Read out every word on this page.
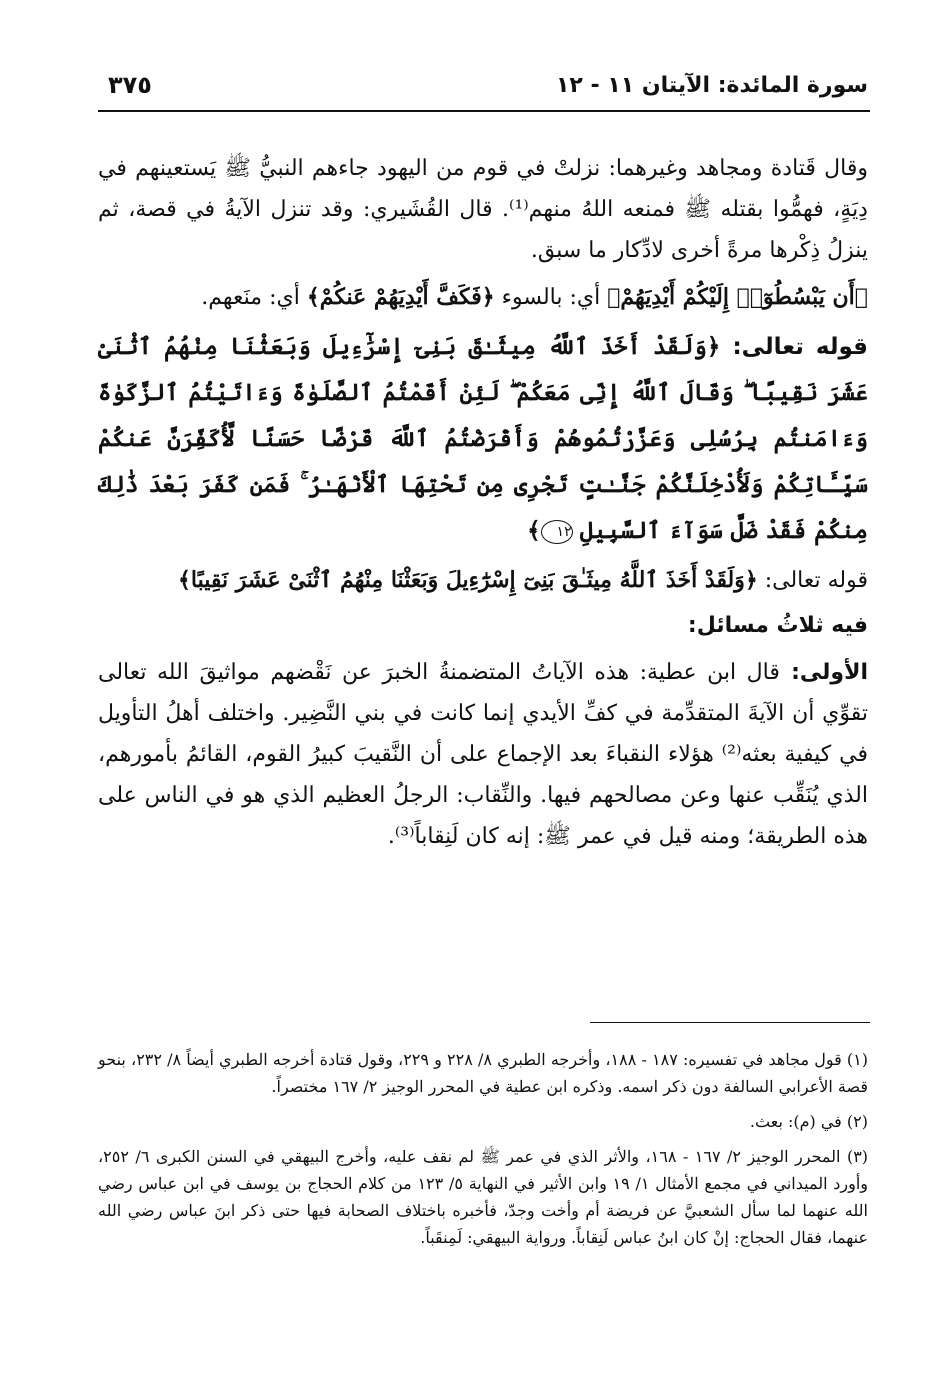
سورة المائدة: الآيتان ١١ - ١٢
٣٧٥

وقال قَتادة ومجاهد وغيرهما: نزلتْ في قوم من اليهود جاءهم النبيُّ ﷺ يَستعينهم في دِيَةٍ، فهمُّوا بقتله ﷺ فمنعه اللهُ منهم⁽¹⁾. قال القُشَيري: وقد تنزل الآيةُ في قصة، ثم ينزلُ ذِكْرها مرةً أخرى لادِّكار ما سبق.

﴿أَن يَبْسُطُوٓا۟ إِلَيْكُمْ أَيْدِيَهُمْ﴾ أي: بالسوء ﴿فَكَفَّ أَيْدِيَهُمْ عَنكُمْ﴾ أي: منَعهم.

قوله تعالى: ﴿وَلَقَدْ أَخَذَ ٱللَّهُ مِيثَـٰقَ بَنِىٓ إِسْرَٰٓءِيلَ وَبَعَثْنَا مِنْهُمُ ٱثْنَىْ عَشَرَ نَقِيبًا ۖ وَقَالَ ٱللَّهُ إِنِّى مَعَكُمْ ۖ لَئِنْ أَقَمْتُمُ ٱلصَّلَوٰةَ وَءَاتَيْتُمُ ٱلزَّكَوٰةَ وَءَامَنتُم بِرُسُلِى وَعَزَّرْتُمُوهُمْ وَأَقْرَضْتُمُ ٱللَّهَ قَرْضًا حَسَنًا لَّأُكَفِّرَنَّ عَنكُمْ سَيِّـَٔاتِكُمْ وَلَأُدْخِلَنَّكُمْ جَنَّـٰتٍ تَجْرِى مِن تَحْتِهَا ٱلْأَنْهَـٰرُ ۚ فَمَن كَفَرَ بَعْدَ ذَٰلِكَ مِنكُمْ فَقَدْ ضَلَّ سَوَآءَ ٱلسَّبِيلِ ١٢﴾

قوله تعالى: ﴿وَلَقَدْ أَخَذَ ٱللَّهُ مِيثَـٰقَ بَنِىٓ إِسْرَٰٓءِيلَ وَبَعَثْنَا مِنْهُمُ ٱثْنَىْ عَشَرَ نَقِيبًا﴾

فيه ثلاثُ مسائل:

الأولى: قال ابن عطية: هذه الآياتُ المتضمنةُ الخبرَ عن نَقْضهم مواثيقَ الله تعالى تقوِّي أن الآيةَ المتقدِّمة في كفِّ الأيدي إنما كانت في بني النَّضِير. واختلف أهلُ التأويل في كيفية بعثه⁽²⁾ هؤلاء النقباءَ بعد الإجماع على أن النَّقيبَ كبيرُ القوم، القائمُ بأمورهم، الذي يُنَقِّب عنها وعن مصالحهم فيها. والنِّقاب: الرجلُ العظيم الذي هو في الناس على هذه الطريقة؛ ومنه قيل في عمر ﷺ: إنه كان لَنِقاباً⁽³⁾.

(١) قول مجاهد في تفسيره: ١٨٧ - ١٨٨، وأخرجه الطبري ٨/ ٢٢٨ و ٢٢٩، وقول قتادة أخرجه الطبري أيضاً ٨/ ٢٣٢، بنحو قصة الأعرابي السالفة دون ذكر اسمه. وذكره ابن عطية في المحرر الوجيز ٢/ ١٦٧ مختصراً.

(٢) في (م): بعث.

(٣) المحرر الوجيز ٢/ ١٦٧ - ١٦٨، والأثر الذي في عمر ﷺ لم نقف عليه، وأخرج البيهقي في السنن الكبرى ٦/ ٢٥٢، وأورد الميداني في مجمع الأمثال ١/ ١٩ وابن الأثير في النهاية ٥/ ١٢٣ من كلام الحجاج بن يوسف في ابن عباس رضي الله عنهما لما سأل الشعبيَّ عن فريضة أم وأخت وجدّ، فأخبره باختلاف الصحابة فيها حتى ذكر ابنَ عباس رضي الله عنهما، فقال الحجاج: إنْ كان ابنُ عباس لَنِقاباً. ورواية البيهقي: لَمِنقَباً.
